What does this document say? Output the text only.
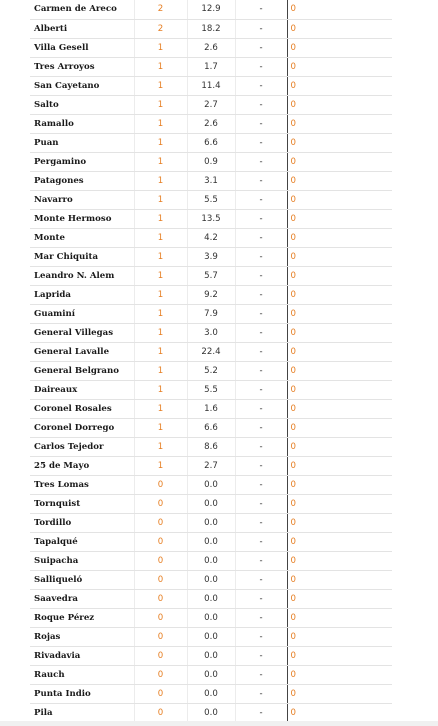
Carmen de Areco	2	12.9	-	0
Alberti	2	18.2	-	0
Villa Gesell	1	2.6	-	0
Tres Arroyos	1	1.7	-	0
San Cayetano	1	11.4	-	0
Salto	1	2.7	-	0
Ramallo	1	2.6	-	0
Puan	1	6.6	-	0
Pergamino	1	0.9	-	0
Patagones	1	3.1	-	0
Navarro	1	5.5	-	0
Monte Hermoso	1	13.5	-	0
Monte	1	4.2	-	0
Mar Chiquita	1	3.9	-	0
Leandro N. Alem	1	5.7	-	0
Laprida	1	9.2	-	0
Guaminí	1	7.9	-	0
General Villegas	1	3.0	-	0
General Lavalle	1	22.4	-	0
General Belgrano	1	5.2	-	0
Daireaux	1	5.5	-	0
Coronel Rosales	1	1.6	-	0
Coronel Dorrego	1	6.6	-	0
Carlos Tejedor	1	8.6	-	0
25 de Mayo	1	2.7	-	0
Tres Lomas	0	0.0	-	0
Tornquist	0	0.0	-	0
Tordillo	0	0.0	-	0
Tapalqué	0	0.0	-	0
Suipacha	0	0.0	-	0
Salliqueló	0	0.0	-	0
Saavedra	0	0.0	-	0
Roque Pérez	0	0.0	-	0
Rojas	0	0.0	-	0
Rivadavia	0	0.0	-	0
Rauch	0	0.0	-	0
Punta Indio	0	0.0	-	0
Pila	0	0.0	-	0
